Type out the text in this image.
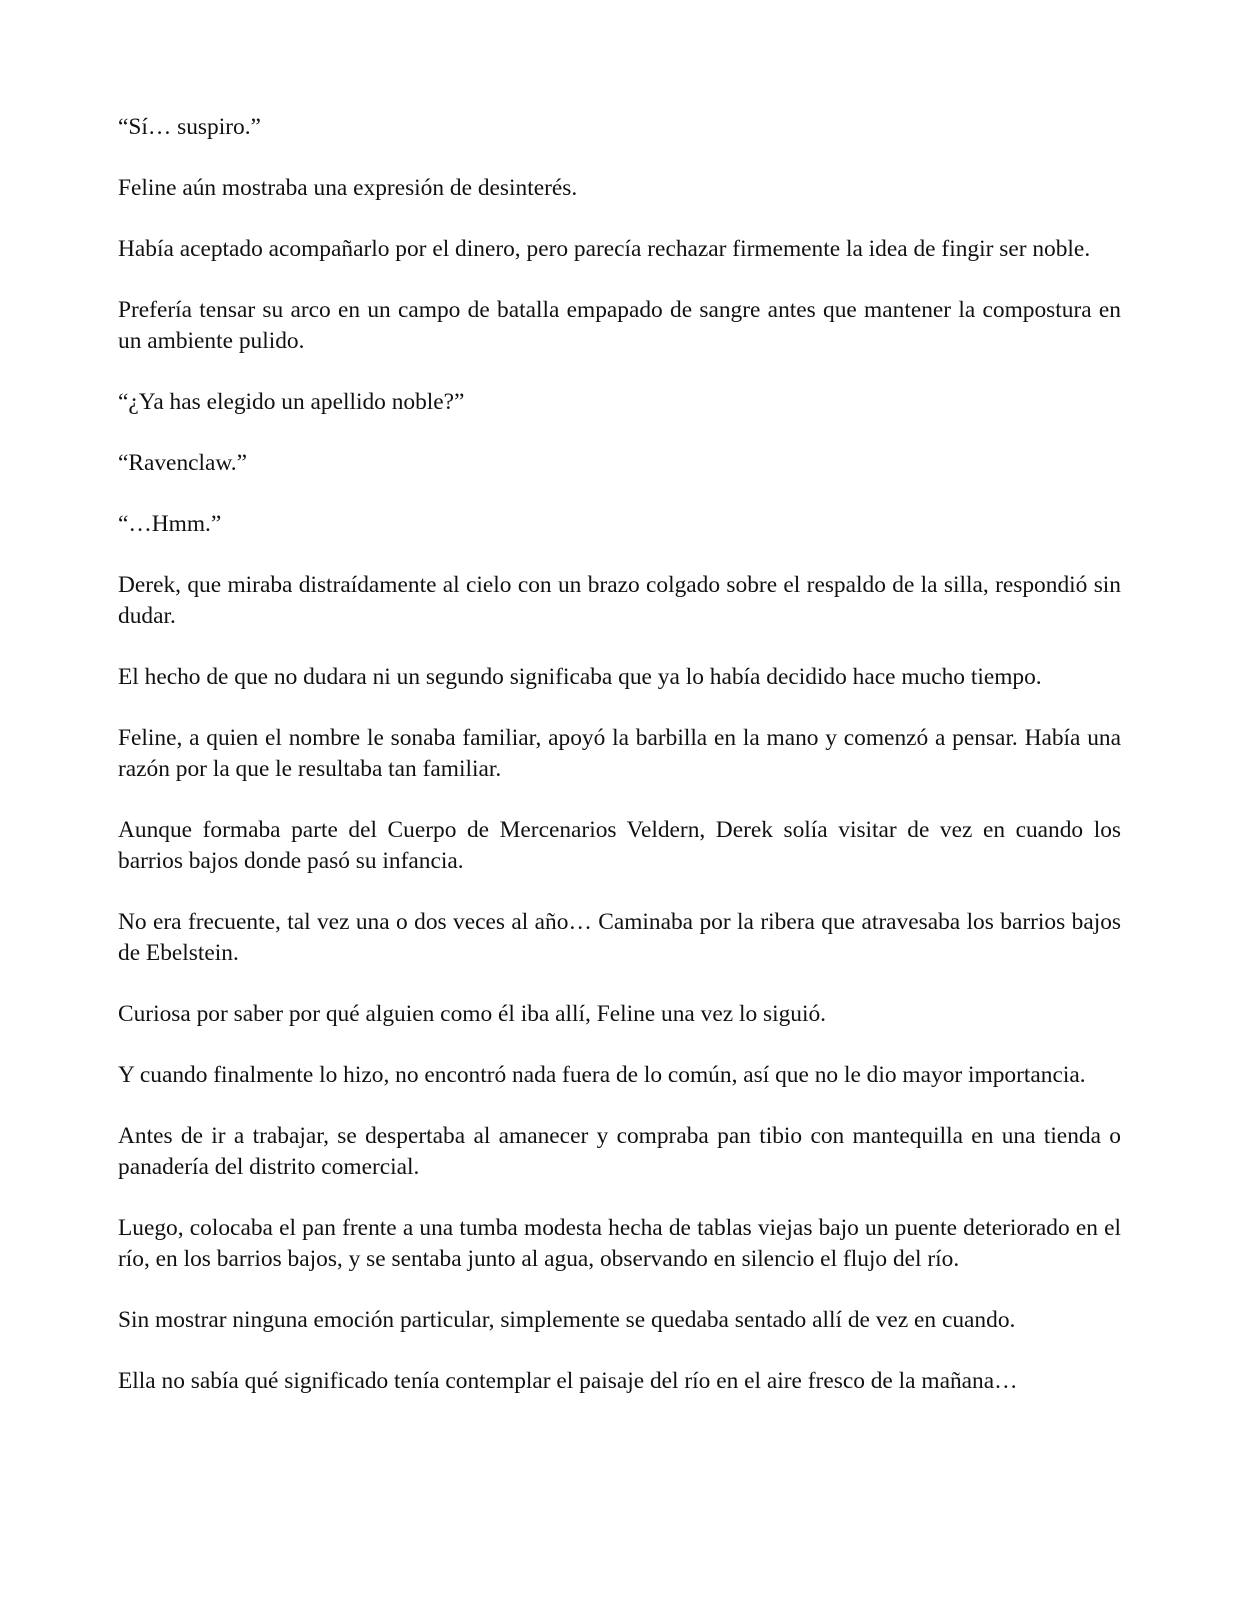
“Sí… suspiro.”

Feline aún mostraba una expresión de desinterés.

Había aceptado acompañarlo por el dinero, pero parecía rechazar firmemente la idea de fingir ser noble.

Prefería tensar su arco en un campo de batalla empapado de sangre antes que mantener la compostura en un ambiente pulido.

“¿Ya has elegido un apellido noble?”

“Ravenclaw.”

“…Hmm.”

Derek, que miraba distraídamente al cielo con un brazo colgado sobre el respaldo de la silla, respondió sin dudar.

El hecho de que no dudara ni un segundo significaba que ya lo había decidido hace mucho tiempo.

Feline, a quien el nombre le sonaba familiar, apoyó la barbilla en la mano y comenzó a pensar. Había una razón por la que le resultaba tan familiar.

Aunque formaba parte del Cuerpo de Mercenarios Veldern, Derek solía visitar de vez en cuando los barrios bajos donde pasó su infancia.

No era frecuente, tal vez una o dos veces al año… Caminaba por la ribera que atravesaba los barrios bajos de Ebelstein.

Curiosa por saber por qué alguien como él iba allí, Feline una vez lo siguió.

Y cuando finalmente lo hizo, no encontró nada fuera de lo común, así que no le dio mayor importancia.

Antes de ir a trabajar, se despertaba al amanecer y compraba pan tibio con mantequilla en una tienda o panadería del distrito comercial.

Luego, colocaba el pan frente a una tumba modesta hecha de tablas viejas bajo un puente deteriorado en el río, en los barrios bajos, y se sentaba junto al agua, observando en silencio el flujo del río.

Sin mostrar ninguna emoción particular, simplemente se quedaba sentado allí de vez en cuando.

Ella no sabía qué significado tenía contemplar el paisaje del río en el aire fresco de la mañana…
